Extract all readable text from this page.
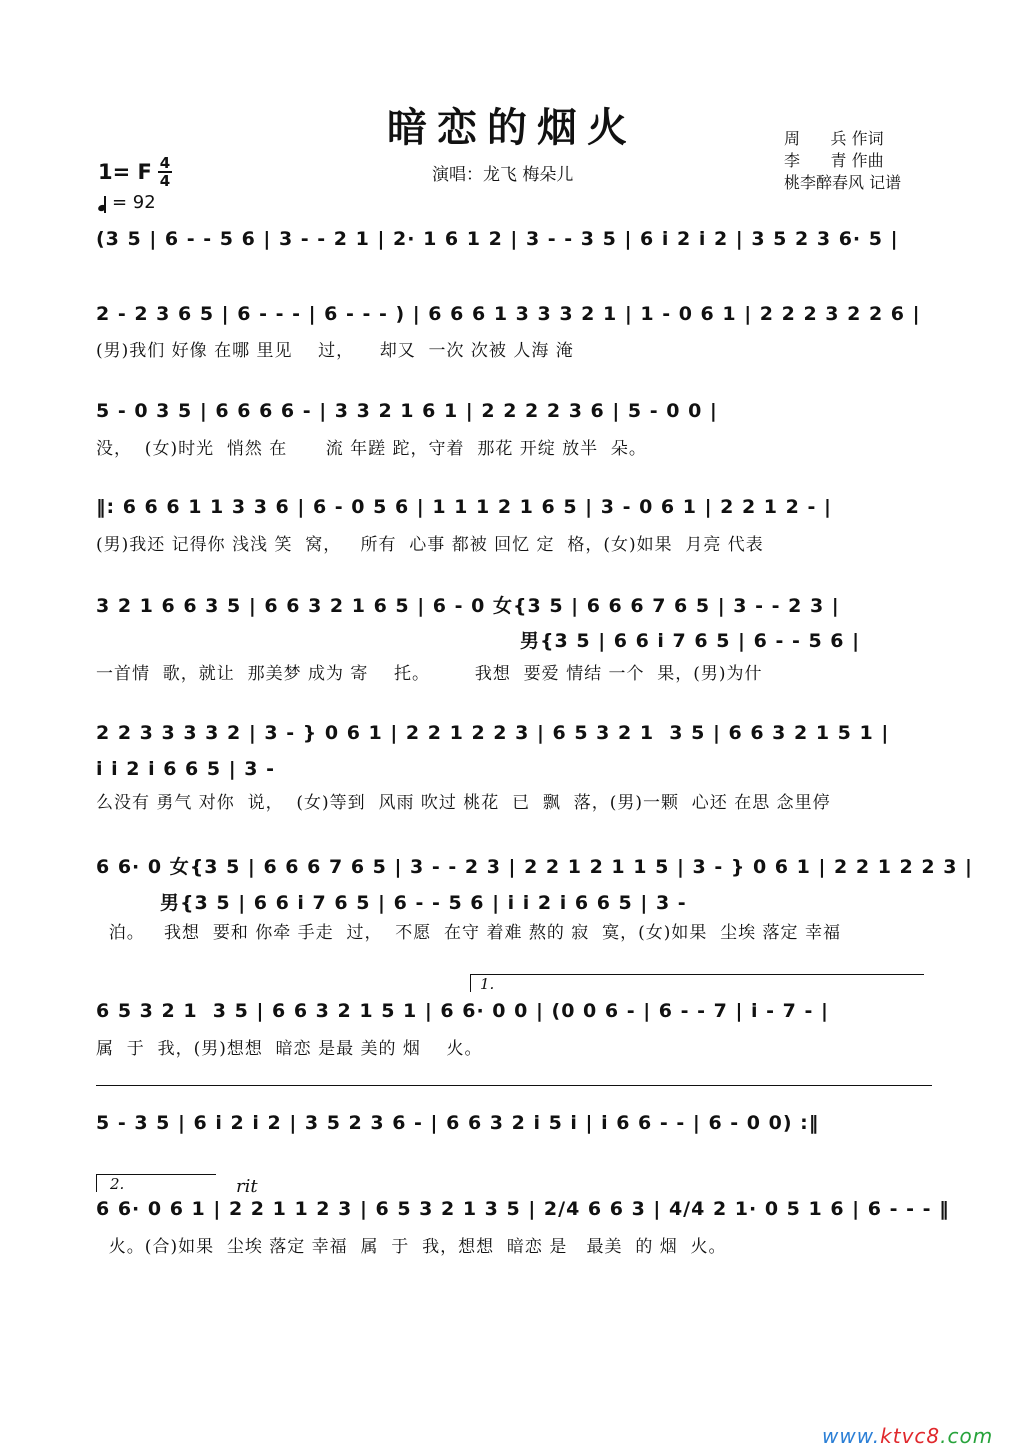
暗恋的烟火	周      兵 作词
李      青 作曲
桃李醉春风 记谱
1= F 4
4
= 92
演唱：龙飞 梅朵儿
(3 5 | 6 - - 5 6 | 3 - - 2 1 | 2· 1 6 1 2 | 3 - - 3 5 | 6 i 2 i 2 | 3 5 2 3 6· 5 |
2 - 2 3 6 5 | 6 - - - | 6 - - - ) | 6 6 6 1 3 3 3 2 1 | 1 - 0 6 1 | 2 2 2 3 2 2 6 |
(男)我们 好像 在哪 里见    过，    却又  一次 次被 人海 淹
5 - 0 3 5 | 6 6 6 6 - | 3 3 2 1 6 1 | 2 2 2 2 3 6 | 5 - 0 0 |
没，  (女)时光  悄然 在      流 年蹉 跎，守着  那花 开绽 放半  朵。
‖: 6 6 6 1 1 3 3 6 | 6 - 0 5 6 | 1 1 1 2 1 6 5 | 3 - 0 6 1 | 2 2 1 2 - |
(男)我还 记得你 浅浅 笑  窝，   所有  心事 都被 回忆 定  格，(女)如果  月亮 代表
3 2 1 6 6 3 5 | 6 6 3 2 1 6 5 | 6 - 0 女{3 5 | 6 6 6 7 6 5 | 3 - - 2 3 |
男{3 5 | 6 6 i 7 6 5 | 6 - - 5 6 |
一首情  歌，就让  那美梦 成为 寄    托。       我想  要爱 情结 一个  果，(男)为什
2 2 3 3 3 3 2 | 3 - } 0 6 1 | 2 2 1 2 2 3 | 6 5 3 2 1  3 5 | 6 6 3 2 1 5 1 |
i i 2 i 6 6 5 | 3 -
么没有 勇气 对你  说，  (女)等到  风雨 吹过 桃花  已  飘  落，(男)一颗  心还 在思 念里停
6 6· 0 女{3 5 | 6 6 6 7 6 5 | 3 - - 2 3 | 2 2 1 2 1 1 5 | 3 - } 0 6 1 | 2 2 1 2 2 3 |
男{3 5 | 6 6 i 7 6 5 | 6 - - 5 6 | i i 2 i 6 6 5 | 3 -
泊。   我想  要和 你牵 手走  过，  不愿  在守 着难 熬的 寂  寞，(女)如果  尘埃 落定 幸福
1.
6 5 3 2 1  3 5 | 6 6 3 2 1 5 1 | 6 6· 0 0 | (0 0 6 - | 6 - - 7 | i - 7 - |
属  于  我，(男)想想  暗恋 是最 美的 烟    火。
5 - 3 5 | 6 i 2 i 2 | 3 5 2 3 6 - | 6 6 3 2 i 5 i | i 6 6 - - | 6 - 0 0) :‖
2.	rit
6 6· 0 6 1 | 2 2 1 1 2 3 | 6 5 3 2 1 3 5 | 2/4 6 6 3 | 4/4 2 1· 0 5 1 6 | 6 - - - ‖
火。(合)如果  尘埃 落定 幸福  属  于  我，想想  暗恋 是   最美  的 烟  火。
www.ktvc8.com
